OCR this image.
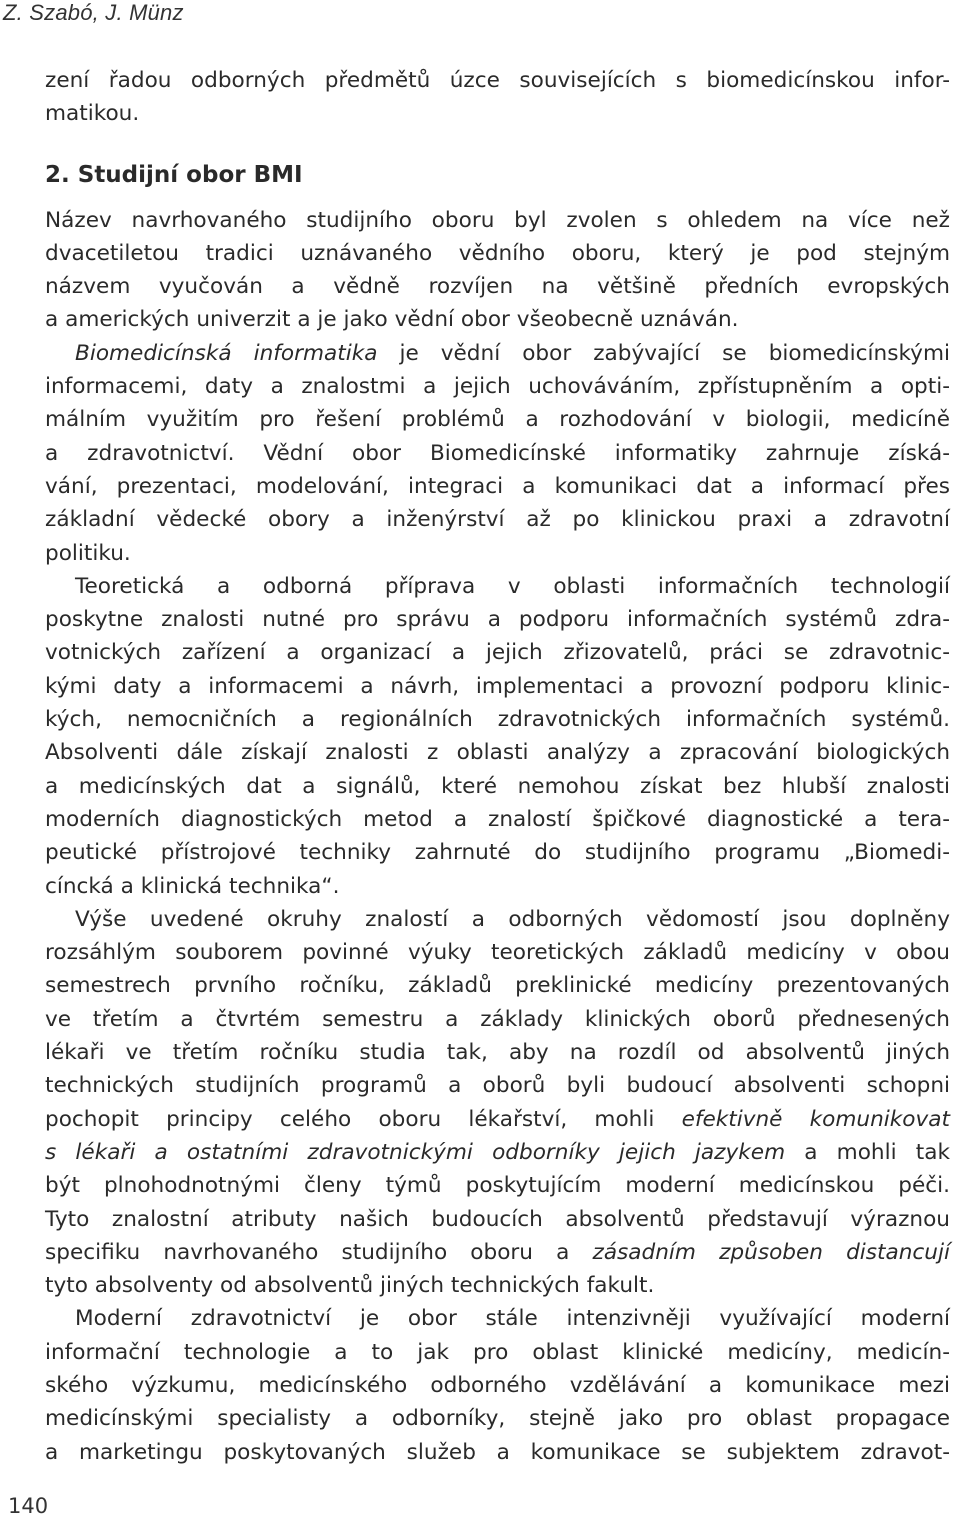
Z. Szabó, J. Münz
zení řadou odborných předmětů úzce souvisejících s biomedicínskou infor-
matikou.
2. Studijní obor BMI
Název navrhovaného studijního oboru byl zvolen s ohledem na více než
dvacetiletou tradici uznávaného vědního oboru, který je pod stejným
názvem vyučován a vědně rozvíjen na většině předních evropských
a amerických univerzit a je jako vědní obor všeobecně uznáván.
Biomedicínská informatika je vědní obor zabývající se biomedicínskými
informacemi, daty a znalostmi a jejich uchováváním, zpřístupněním a opti-
málním využitím pro řešení problémů a rozhodování v biologii, medicíně
a zdravotnictví. Vědní obor Biomedicínské informatiky zahrnuje získá-
vání, prezentaci, modelování, integraci a komunikaci dat a informací přes
základní vědecké obory a inženýrství až po klinickou praxi a zdravotní
politiku.
Teoretická a odborná příprava v oblasti informačních technologií
poskytne znalosti nutné pro správu a podporu informačních systémů zdra-
votnických zařízení a organizací a jejich zřizovatelů, práci se zdravotnic-
kými daty a informacemi a návrh, implementaci a provozní podporu klinic-
kých, nemocničních a regionálních zdravotnických informačních systémů.
Absolventi dále získají znalosti z oblasti analýzy a zpracování biologických
a medicínských dat a signálů, které nemohou získat bez hlubší znalosti
moderních diagnostických metod a znalostí špičkové diagnostické a tera-
peutické přístrojové techniky zahrnuté do studijního programu „Biomedi-
cíncká a klinická technika“.
Výše uvedené okruhy znalostí a odborných vědomostí jsou doplněny
rozsáhlým souborem povinné výuky teoretických základů medicíny v obou
semestrech prvního ročníku, základů preklinické medicíny prezentovaných
ve třetím a čtvrtém semestru a základy klinických oborů přednesených
lékaři ve třetím ročníku studia tak, aby na rozdíl od absolventů jiných
technických studijních programů a oborů byli budoucí absolventi schopni
pochopit principy celého oboru lékařství, mohli efektivně komunikovat
s lékaři a ostatními zdravotnickými odborníky jejich jazykem a mohli tak
být plnohodnotnými členy týmů poskytujícím moderní medicínskou péči.
Tyto znalostní atributy našich budoucích absolventů představují výraznou
specifiku navrhovaného studijního oboru a zásadním způsoben distancují
tyto absolventy od absolventů jiných technických fakult.
Moderní zdravotnictví je obor stále intenzivněji využívající moderní
informační technologie a to jak pro oblast klinické medicíny, medicín-
ského výzkumu, medicínského odborného vzdělávání a komunikace mezi
medicínskými specialisty a odborníky, stejně jako pro oblast propagace
a marketingu poskytovaných služeb a komunikace se subjektem zdravot-
140
